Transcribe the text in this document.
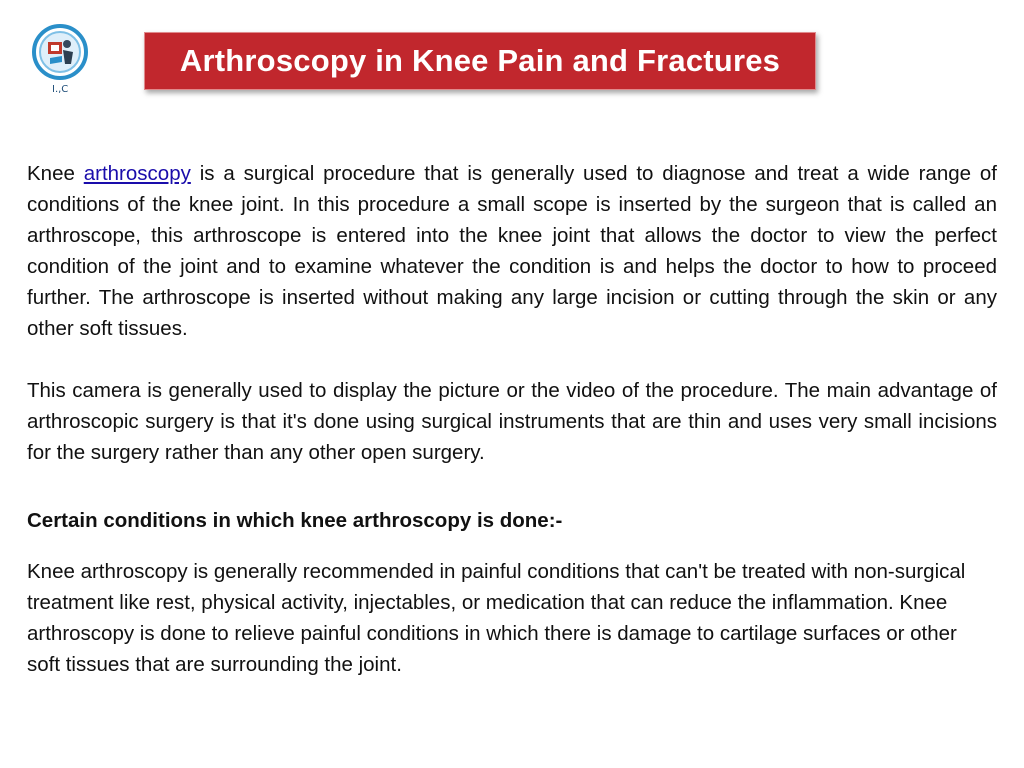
I.,C
Arthroscopy in Knee Pain and Fractures

Knee arthroscopy is a surgical procedure that is generally used to diagnose and treat a wide range of conditions of the knee joint. In this procedure a small scope is inserted by the surgeon that is called an arthroscope, this arthroscope is entered into the knee joint that allows the doctor to view the perfect condition of the joint and to examine whatever the condition is and helps the doctor to how to proceed further. The arthroscope is inserted without making any large incision or cutting through the skin or any other soft tissues.

This camera is generally used to display the picture or the video of the procedure. The main advantage of arthroscopic surgery is that it's done using surgical instruments that are thin and uses very small incisions for the surgery rather than any other open surgery.

Certain conditions in which knee arthroscopy is done:-

Knee arthroscopy is generally recommended in painful conditions that can't be treated with non-surgical treatment like rest, physical activity, injectables, or medication that can reduce the inflammation. Knee arthroscopy is done to relieve painful conditions in which there is damage to cartilage surfaces or other soft tissues that are surrounding the joint.
